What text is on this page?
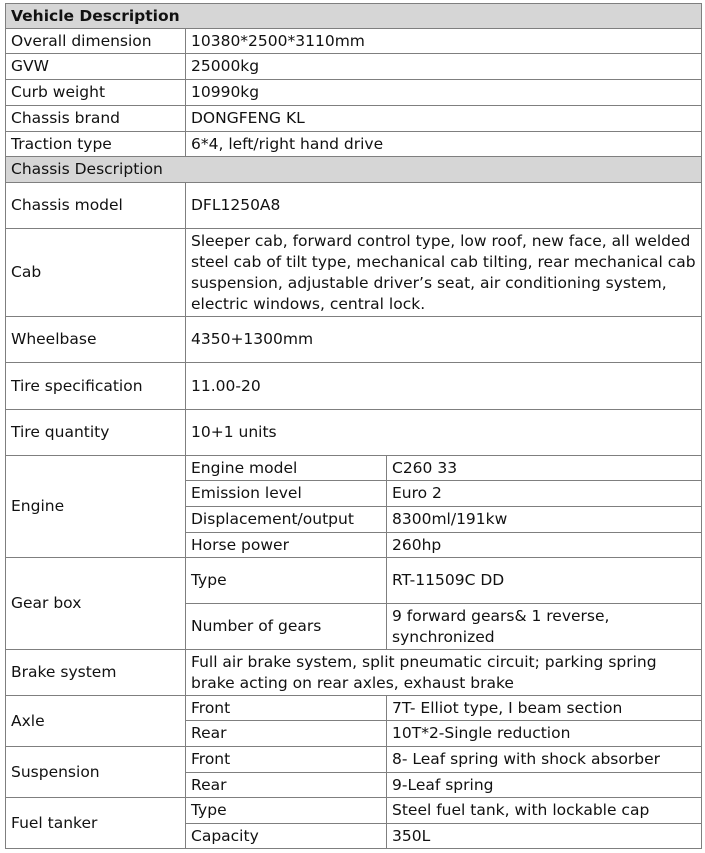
Vehicle Description		
Overall dimension	10380*2500*3110mm	
GVW	25000kg	
Curb weight	10990kg	
Chassis brand	DONGFENG KL	
Traction type	6*4, left/right hand drive	
Chassis Description		
Chassis model	DFL1250A8	
Cab	Sleeper cab, forward control type, low roof, new face, all welded steel cab of tilt type, mechanical cab tilting, rear mechanical cab suspension, adjustable driver’s seat, air conditioning system, electric windows, central lock.	
Wheelbase	4350+1300mm	
Tire specification	11.00-20	
Tire quantity	10+1 units	
Engine	Engine model	C260 33
	Emission level	Euro 2
	Displacement/output	8300ml/191kw
	Horse power	260hp
Gear box	Type	RT-11509C DD
	Number of gears	9 forward gears& 1 reverse, synchronized
Brake system	Full air brake system, split pneumatic circuit; parking spring brake acting on rear axles, exhaust brake	
Axle	Front	7T- Elliot type, I beam section
	Rear	10T*2-Single reduction
Suspension	Front	8- Leaf spring with shock absorber
	Rear	9-Leaf spring
Fuel tanker	Type	Steel fuel tank, with lockable cap
	Capacity	350L
